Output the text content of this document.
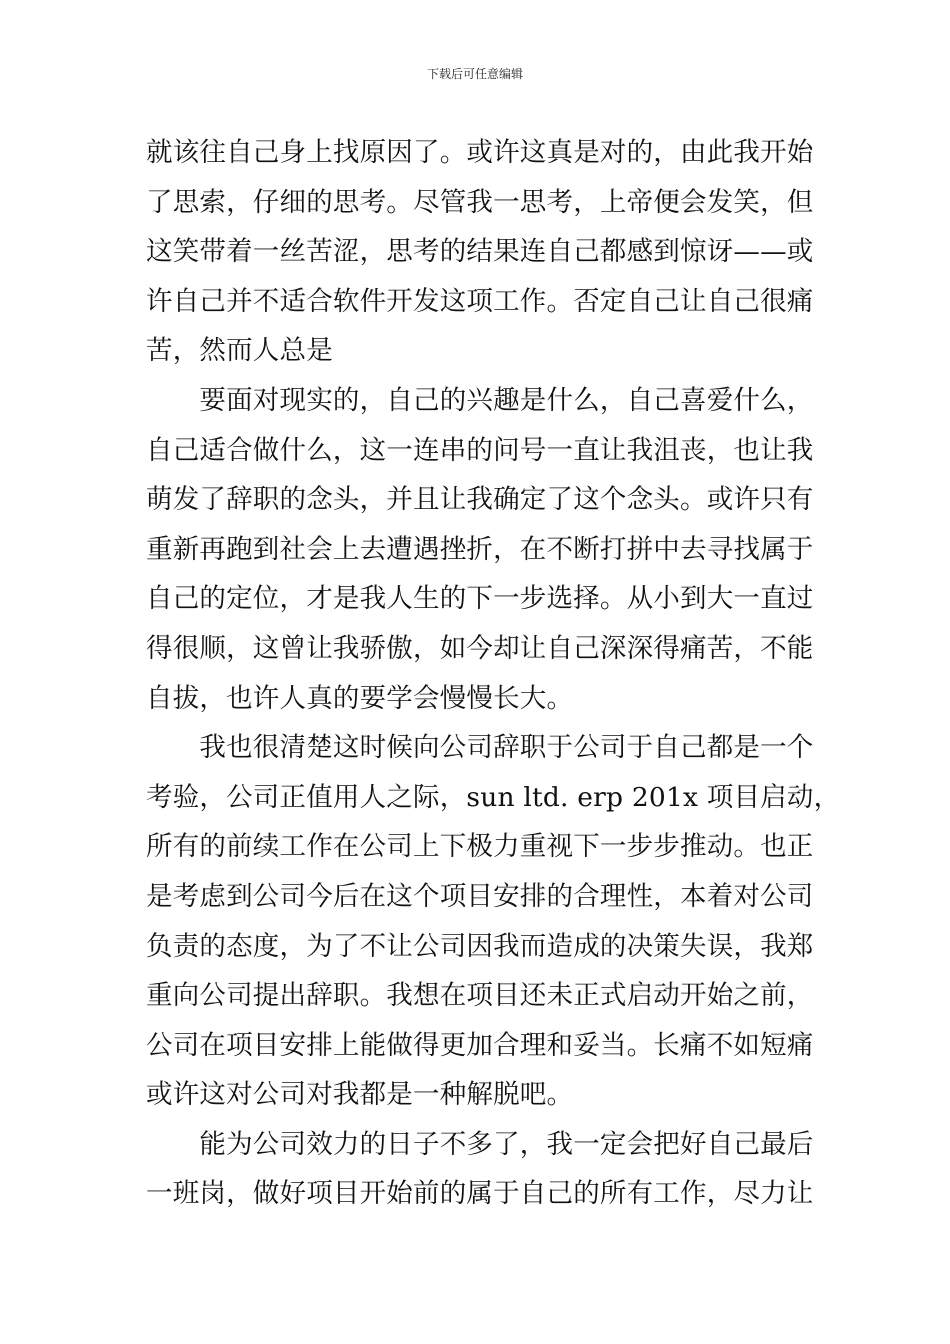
下载后可任意编辑
就该往自己身上找原因了。或许这真是对的，由此我开始
了思索，仔细的思考。尽管我一思考，上帝便会发笑，但
这笑带着一丝苦涩，思考的结果连自己都感到惊讶——或
许自己并不适合软件开发这项工作。否定自己让自己很痛
苦，然而人总是
　　要面对现实的，自己的兴趣是什么，自己喜爱什么，
自己适合做什么，这一连串的问号一直让我沮丧，也让我
萌发了辞职的念头，并且让我确定了这个念头。或许只有
重新再跑到社会上去遭遇挫折，在不断打拼中去寻找属于
自己的定位，才是我人生的下一步选择。从小到大一直过
得很顺，这曾让我骄傲，如今却让自己深深得痛苦，不能
自拔，也许人真的要学会慢慢长大。
　　我也很清楚这时候向公司辞职于公司于自己都是一个
考验，公司正值用人之际，sun ltd. erp 201x 项目启动，
所有的前续工作在公司上下极力重视下一步步推动。也正
是考虑到公司今后在这个项目安排的合理性，本着对公司
负责的态度，为了不让公司因我而造成的决策失误，我郑
重向公司提出辞职。我想在项目还未正式启动开始之前，
公司在项目安排上能做得更加合理和妥当。长痛不如短痛
或许这对公司对我都是一种解脱吧。
　　能为公司效力的日子不多了，我一定会把好自己最后
一班岗，做好项目开始前的属于自己的所有工作，尽力让
